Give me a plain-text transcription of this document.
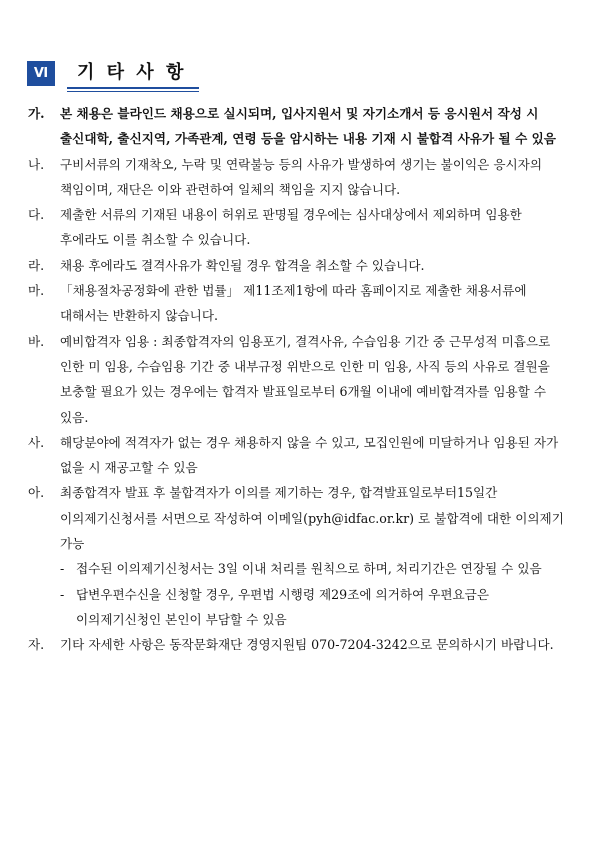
Ⅵ	기 타 사 항
가. 본 채용은 블라인드 채용으로 실시되며, 입사지원서 및 자기소개서 등 응시원서 작성 시 출신대학, 출신지역, 가족관계, 연령 등을 암시하는 내용 기재 시 불합격 사유가 될 수 있음
나. 구비서류의 기재착오, 누락 및 연락불능 등의 사유가 발생하여 생기는 불이익은 응시자의 책임이며, 재단은 이와 관련하여 일체의 책임을 지지 않습니다.
다. 제출한 서류의 기재된 내용이 허위로 판명될 경우에는 심사대상에서 제외하며 임용한 후에라도 이를 취소할 수 있습니다.
라. 채용 후에라도 결격사유가 확인될 경우 합격을 취소할 수 있습니다.
마. 「채용절차공정화에 관한 법률」 제11조제1항에 따라 홈페이지로 제출한 채용서류에 대해서는 반환하지 않습니다.
바. 예비합격자 임용 : 최종합격자의 임용포기, 결격사유, 수습임용 기간 중 근무성적 미흡으로 인한 미 임용, 수습임용 기간 중 내부규정 위반으로 인한 미 임용, 사직 등의 사유로 결원을 보충할 필요가 있는 경우에는 합격자 발표일로부터 6개월 이내에 예비합격자를 임용할 수 있음.
사. 해당분야에 적격자가 없는 경우 채용하지 않을 수 있고, 모집인원에 미달하거나 임용된 자가 없을 시 재공고할 수 있음
아. 최종합격자 발표 후 불합격자가 이의를 제기하는 경우, 합격발표일로부터15일간 이의제기신청서를 서면으로 작성하여 이메일(pyh@idfac.or.kr) 로 불합격에 대한 이의제기 가능
- 접수된 이의제기신청서는 3일 이내 처리를 원칙으로 하며, 처리기간은 연장될 수 있음
- 답변우편수신을 신청할 경우, 우편법 시행령 제29조에 의거하여 우편요금은 이의제기신청인 본인이 부담할 수 있음
자. 기타 자세한 사항은 동작문화재단 경영지원팀 070-7204-3242으로 문의하시기 바랍니다.
